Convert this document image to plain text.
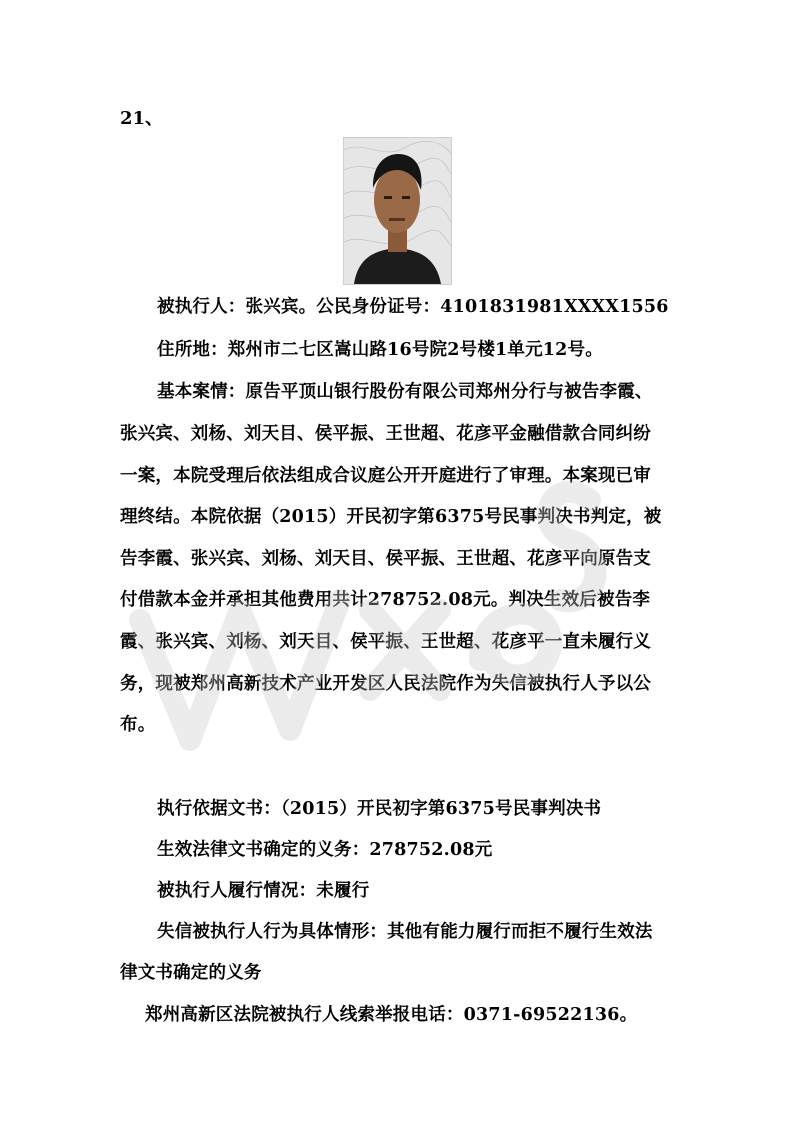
21、
被执行人：张兴宾。公民身份证号：4101831981XXXX1556
住所地：郑州市二七区嵩山路16号院2号楼1单元12号。
基本案情：原告平顶山银行股份有限公司郑州分行与被告李霞、
张兴宾、刘杨、刘天目、侯平振、王世超、花彦平金融借款合同纠纷
一案，本院受理后依法组成合议庭公开开庭进行了审理。本案现已审
理终结。本院依据（2015）开民初字第6375号民事判决书判定，被
告李霞、张兴宾、刘杨、刘天目、侯平振、王世超、花彦平向原告支
付借款本金并承担其他费用共计278752.08元。判决生效后被告李
霞、张兴宾、刘杨、刘天目、侯平振、王世超、花彦平一直未履行义
务，现被郑州高新技术产业开发区人民法院作为失信被执行人予以公
布。
执行依据文书：（2015）开民初字第6375号民事判决书
生效法律文书确定的义务：278752.08元
被执行人履行情况：未履行
失信被执行人行为具体情形：其他有能力履行而拒不履行生效法
律文书确定的义务
郑州高新区法院被执行人线索举报电话：0371-69522136。
